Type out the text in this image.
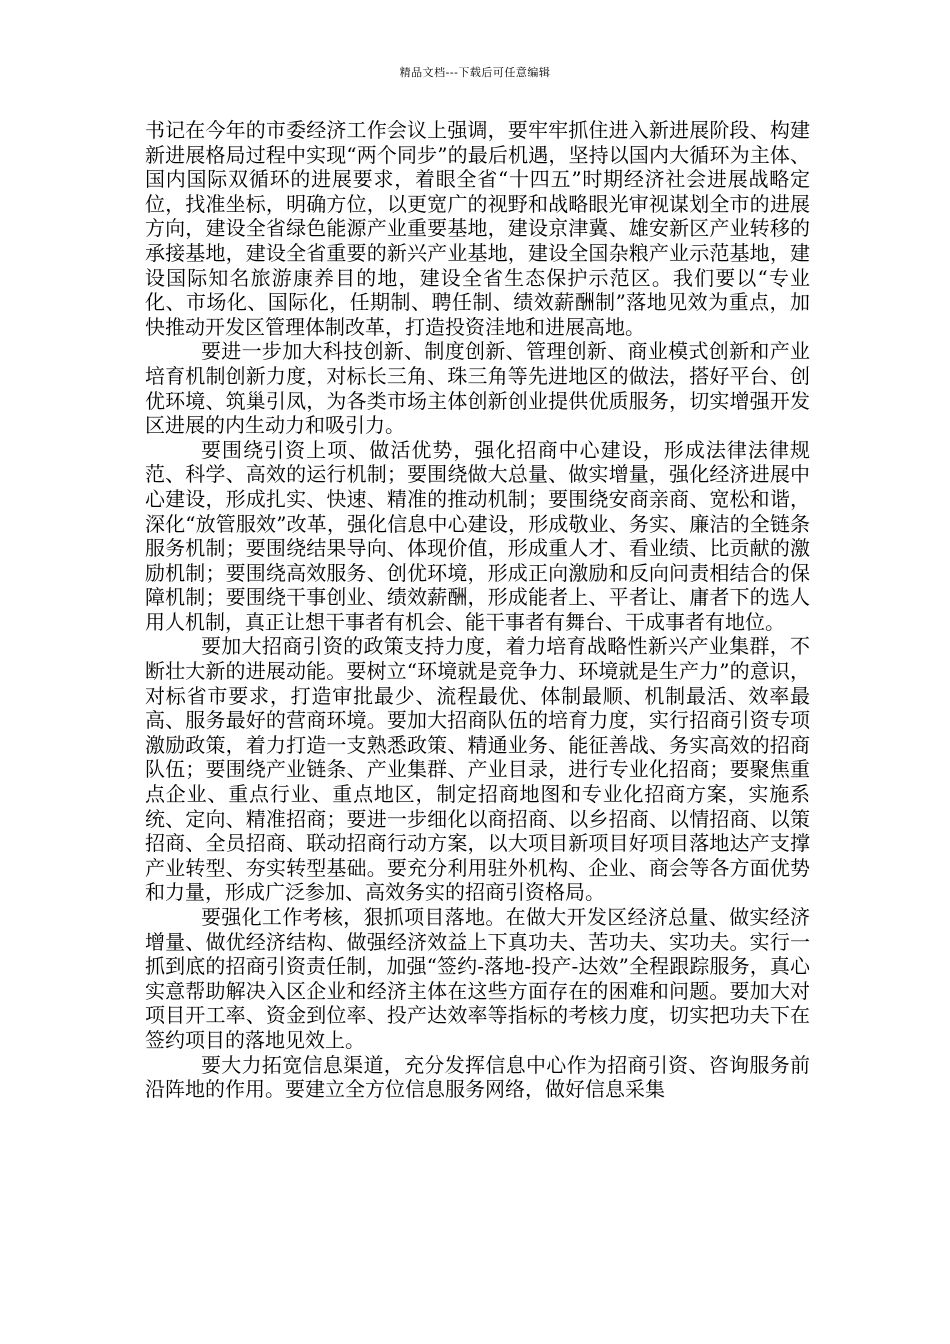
精品文档---下载后可任意编辑

书记在今年的市委经济工作会议上强调，要牢牢抓住进入新进展阶段、构建新进展格局过程中实现“两个同步”的最后机遇，坚持以国内大循环为主体、国内国际双循环的进展要求，着眼全省“十四五”时期经济社会进展战略定位，找准坐标，明确方位，以更宽广的视野和战略眼光审视谋划全市的进展方向，建设全省绿色能源产业重要基地，建设京津冀、雄安新区产业转移的承接基地，建设全省重要的新兴产业基地，建设全国杂粮产业示范基地，建设国际知名旅游康养目的地，建设全省生态保护示范区。我们要以“专业化、市场化、国际化，任期制、聘任制、绩效薪酬制”落地见效为重点，加快推动开发区管理体制改革，打造投资洼地和进展高地。

要进一步加大科技创新、制度创新、管理创新、商业模式创新和产业培育机制创新力度，对标长三角、珠三角等先进地区的做法，搭好平台、创优环境、筑巢引凤，为各类市场主体创新创业提供优质服务，切实增强开发区进展的内生动力和吸引力。

要围绕引资上项、做活优势，强化招商中心建设，形成法律法律规范、科学、高效的运行机制；要围绕做大总量、做实增量，强化经济进展中心建设，形成扎实、快速、精准的推动机制；要围绕安商亲商、宽松和谐，深化“放管服效”改革，强化信息中心建设，形成敬业、务实、廉洁的全链条服务机制；要围绕结果导向、体现价值，形成重人才、看业绩、比贡献的激励机制；要围绕高效服务、创优环境，形成正向激励和反向问责相结合的保障机制；要围绕干事创业、绩效薪酬，形成能者上、平者让、庸者下的选人用人机制，真正让想干事者有机会、能干事者有舞台、干成事者有地位。

要加大招商引资的政策支持力度，着力培育战略性新兴产业集群，不断壮大新的进展动能。要树立“环境就是竞争力、环境就是生产力”的意识，对标省市要求，打造审批最少、流程最优、体制最顺、机制最活、效率最高、服务最好的营商环境。要加大招商队伍的培育力度，实行招商引资专项激励政策，着力打造一支熟悉政策、精通业务、能征善战、务实高效的招商队伍；要围绕产业链条、产业集群、产业目录，进行专业化招商；要聚焦重点企业、重点行业、重点地区，制定招商地图和专业化招商方案，实施系统、定向、精准招商；要进一步细化以商招商、以乡招商、以情招商、以策招商、全员招商、联动招商行动方案，以大项目新项目好项目落地达产支撑产业转型、夯实转型基础。要充分利用驻外机构、企业、商会等各方面优势和力量，形成广泛参加、高效务实的招商引资格局。

要强化工作考核，狠抓项目落地。在做大开发区经济总量、做实经济增量、做优经济结构、做强经济效益上下真功夫、苦功夫、实功夫。实行一抓到底的招商引资责任制，加强“签约-落地-投产-达效”全程跟踪服务，真心实意帮助解决入区企业和经济主体在这些方面存在的困难和问题。要加大对项目开工率、资金到位率、投产达效率等指标的考核力度，切实把功夫下在签约项目的落地见效上。

要大力拓宽信息渠道，充分发挥信息中心作为招商引资、咨询服务前沿阵地的作用。要建立全方位信息服务网络，做好信息采集
